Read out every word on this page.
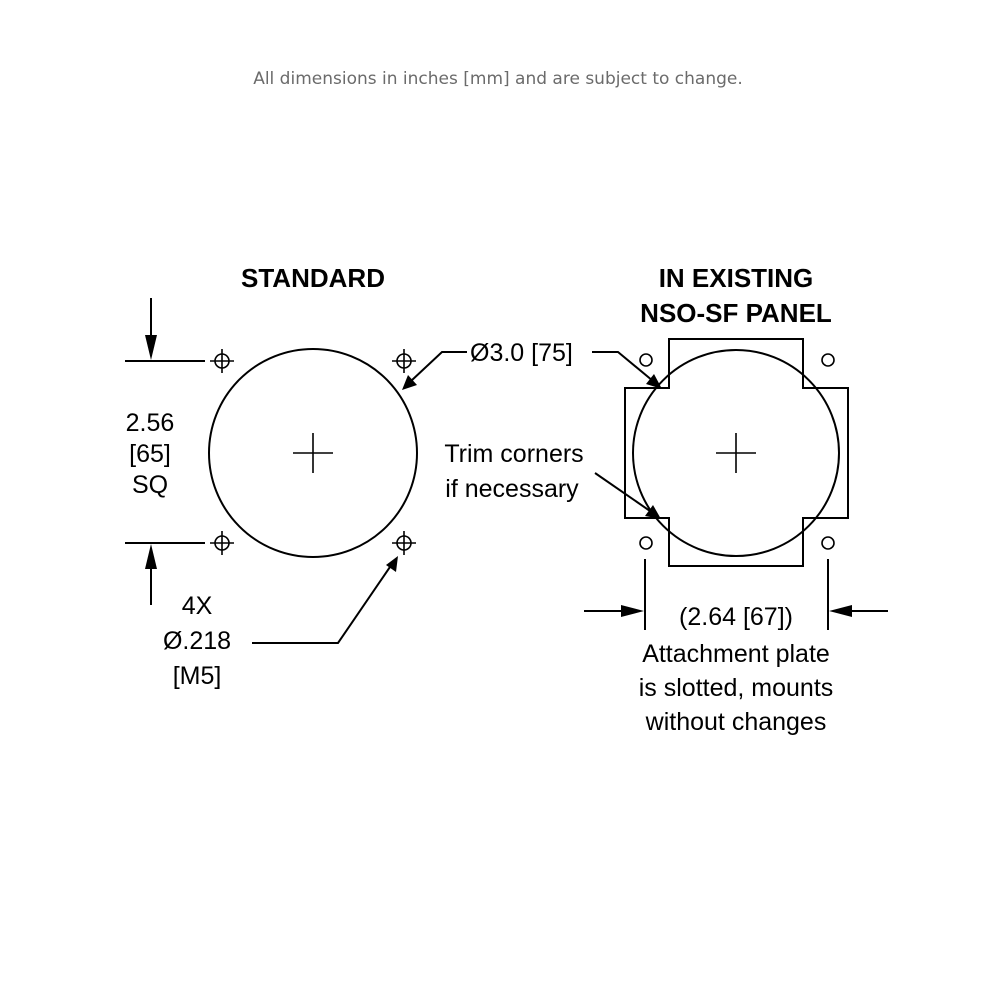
All dimensions in inches [mm] and are subject to change.
STANDARD
2.56
[65]
SQ
4X
Ø.218
[M5]
Ø3.0 [75]
IN EXISTING
NSO-SF PANEL
Trim corners
if necessary
(2.64 [67])
Attachment plate
is slotted, mounts
without changes
